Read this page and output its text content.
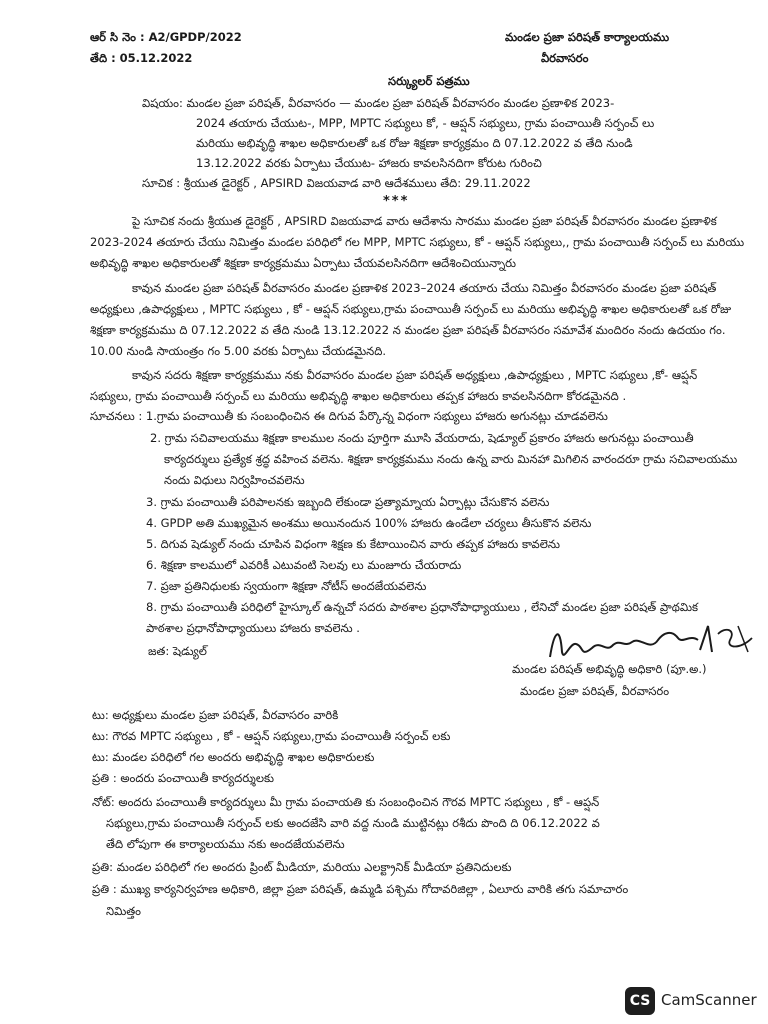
ఆర్ సి నెం : A2/GPDP/2022
తేది : 05.12.2022
మండల ప్రజా పరిషత్ కార్యాలయము
వీరవాసరం
సర్క్యులర్ పత్రము
విషయం: మండల ప్రజా పరిషత్, వీరవాసరం — మండల ప్రజా పరిషత్ వీరవాసరం మండల ప్రణాళిక 2023-
2024 తయారు చేయుట-, MPP, MPTC సభ్యులు కో, - ఆప్షన్ సభ్యులు, గ్రామ పంచాయితీ సర్పంచ్ లు
మరియు అభివృద్ధి శాఖల అధికారులతో ఒక రోజు శిక్షణా కార్యక్రమం ది 07.12.2022 వ తేది నుండి
13.12.2022 వరకు ఏర్పాటు చేయుట- హాజరు కావలసినదిగా కోరుట గురించి
సూచిక : శ్రీయుత డైరెక్టర్ , APSIRD విజయవాడ వారి ఆదేశములు తేది: 29.11.2022
***
పై సూచిక నందు శ్రీయుత డైరెక్టర్ , APSIRD విజయవాడ వారు ఆదేశాను సారము మండల ప్రజా పరిషత్ వీరవాసరం మండల ప్రణాళిక
2023-2024 తయారు చేయు నిమిత్తం మండల పరిధిలో గల MPP, MPTC సభ్యులు, కో - ఆప్షన్ సభ్యులు,, గ్రామ పంచాయితీ సర్పంచ్ లు మరియు
అభివృద్ధి శాఖల అధికారులతో శిక్షణా కార్యక్రమము ఏర్పాటు చేయవలసినదిగా ఆదేశించియున్నారు
కావున మండల ప్రజా పరిషత్ వీరవాసరం మండల ప్రణాళిక 2023–2024 తయారు చేయు నిమిత్తం వీరవాసరం మండల ప్రజా పరిషత్
అధ్యక్షులు ,ఉపాధ్యక్షులు , MPTC సభ్యులు , కో - ఆప్షన్ సభ్యులు,గ్రామ పంచాయితీ సర్పంచ్ లు మరియు అభివృద్ధి శాఖల అధికారులతో ఒక రోజు
శిక్షణా కార్యక్రమము ది 07.12.2022 వ తేది నుండి 13.12.2022 న మండల ప్రజా పరిషత్ వీరవాసరం సమావేశ మందిరం నందు ఉదయం గం.
10.00 నుండి సాయంత్రం గం 5.00 వరకు ఏర్పాటు చేయడమైనది.
కావున సదరు శిక్షణా కార్యక్రమము నకు వీరవాసరం మండల ప్రజా పరిషత్ అధ్యక్షులు ,ఉపాధ్యక్షులు , MPTC సభ్యులు ,కో- ఆప్షన్
సభ్యులు, గ్రామ పంచాయితీ సర్పంచ్ లు మరియు అభివృద్ధి శాఖల అధికారులు తప్పక హాజరు కావలసినదిగా కోరడమైనది .
సూచనలు : 1.గ్రామ పంచాయితీ కు సంబంధించిన ఈ దిగువ పేర్కొన్న విధంగా సభ్యులు హాజరు అగునట్లు చూడవలెను
2. గ్రామ సచివాలయము శిక్షణా కాలముల నందు పూర్తిగా మూసి వేయరాదు, షెడ్యూల్ ప్రకారం హాజరు అగునట్లు పంచాయితీ
కార్యదర్శులు ప్రత్యేక శ్రద్ధ వహించ వలెను. శిక్షణా కార్యక్రమము నందు ఉన్న వారు మినహా మిగిలిన వారందరూ గ్రామ సచివాలయము
నందు విధులు నిర్వహించవలెను
3. గ్రామ పంచాయితీ పరిపాలనకు ఇబ్బంది లేకుండా ప్రత్యామ్నాయ ఏర్పాట్లు చేసుకొన వలెను
4. GPDP అతి ముఖ్యమైన అంశము అయినందున 100% హాజరు ఉండేలా చర్యలు తీసుకొన వలెను
5. దిగువ షెడ్యుల్ నందు చూపిన విధంగా శిక్షణ కు కేటాయించిన వారు తప్పక హాజరు కావలెను
6. శిక్షణా కాలములో ఎవరికీ ఎటువంటి సెలవు లు మంజూరు చేయరాదు
7. ప్రజా ప్రతినిధులకు స్వయంగా శిక్షణా నోటీస్ అందజేయవలెను
8. గ్రామ పంచాయితీ పరిధిలో హైస్కూల్ ఉన్నచో సదరు పాఠశాల ప్రధానోపాధ్యాయులు , లేనిచో మండల ప్రజా పరిషత్ ప్రాథమిక
పాఠశాల ప్రధానోపాధ్యాయులు హాజరు కావలెను .
జత: షెడ్యుల్
మండల పరిషత్ అభివృద్ధి అధికారి (పూ.అ.)
మండల ప్రజా పరిషత్, వీరవాసరం
టు: అధ్యక్షులు మండల ప్రజా పరిషత్, వీరవాసరం వారికి
టు: గౌరవ MPTC సభ్యులు , కో - ఆప్షన్ సభ్యులు,గ్రామ పంచాయితీ సర్పంచ్ లకు
టు: మండల పరిధిలో గల అందరు అభివృద్ధి శాఖల అధికారులకు
ప్రతి : అందరు పంచాయితీ కార్యదర్శులకు
నోట్: అందరు పంచాయితీ కార్యదర్శులు మీ గ్రామ పంచాయతి కు సంబంధించిన గౌరవ MPTC సభ్యులు , కో - ఆప్షన్
సభ్యులు,గ్రామ పంచాయితీ సర్పంచ్ లకు అందజేసి వారి వద్ద నుండి ముట్టినట్లు రశీదు పొంది ది 06.12.2022 వ
తేది లోపుగా ఈ కార్యాలయము నకు అందజేయవలెను
ప్రతి: మండల పరిధిలో గల అందరు ప్రింట్ మీడియా, మరియు ఎలక్ట్రానిక్ మీడియా ప్రతినిదులకు
ప్రతి : ముఖ్య కార్యనిర్వహణ అధికారి, జిల్లా ప్రజా పరిషత్, ఉమ్మడి పశ్చిమ గోదావరిజిల్లా , ఏలూరు వారికి తగు సమాచారం
నిమిత్తం
CS CamScanner
